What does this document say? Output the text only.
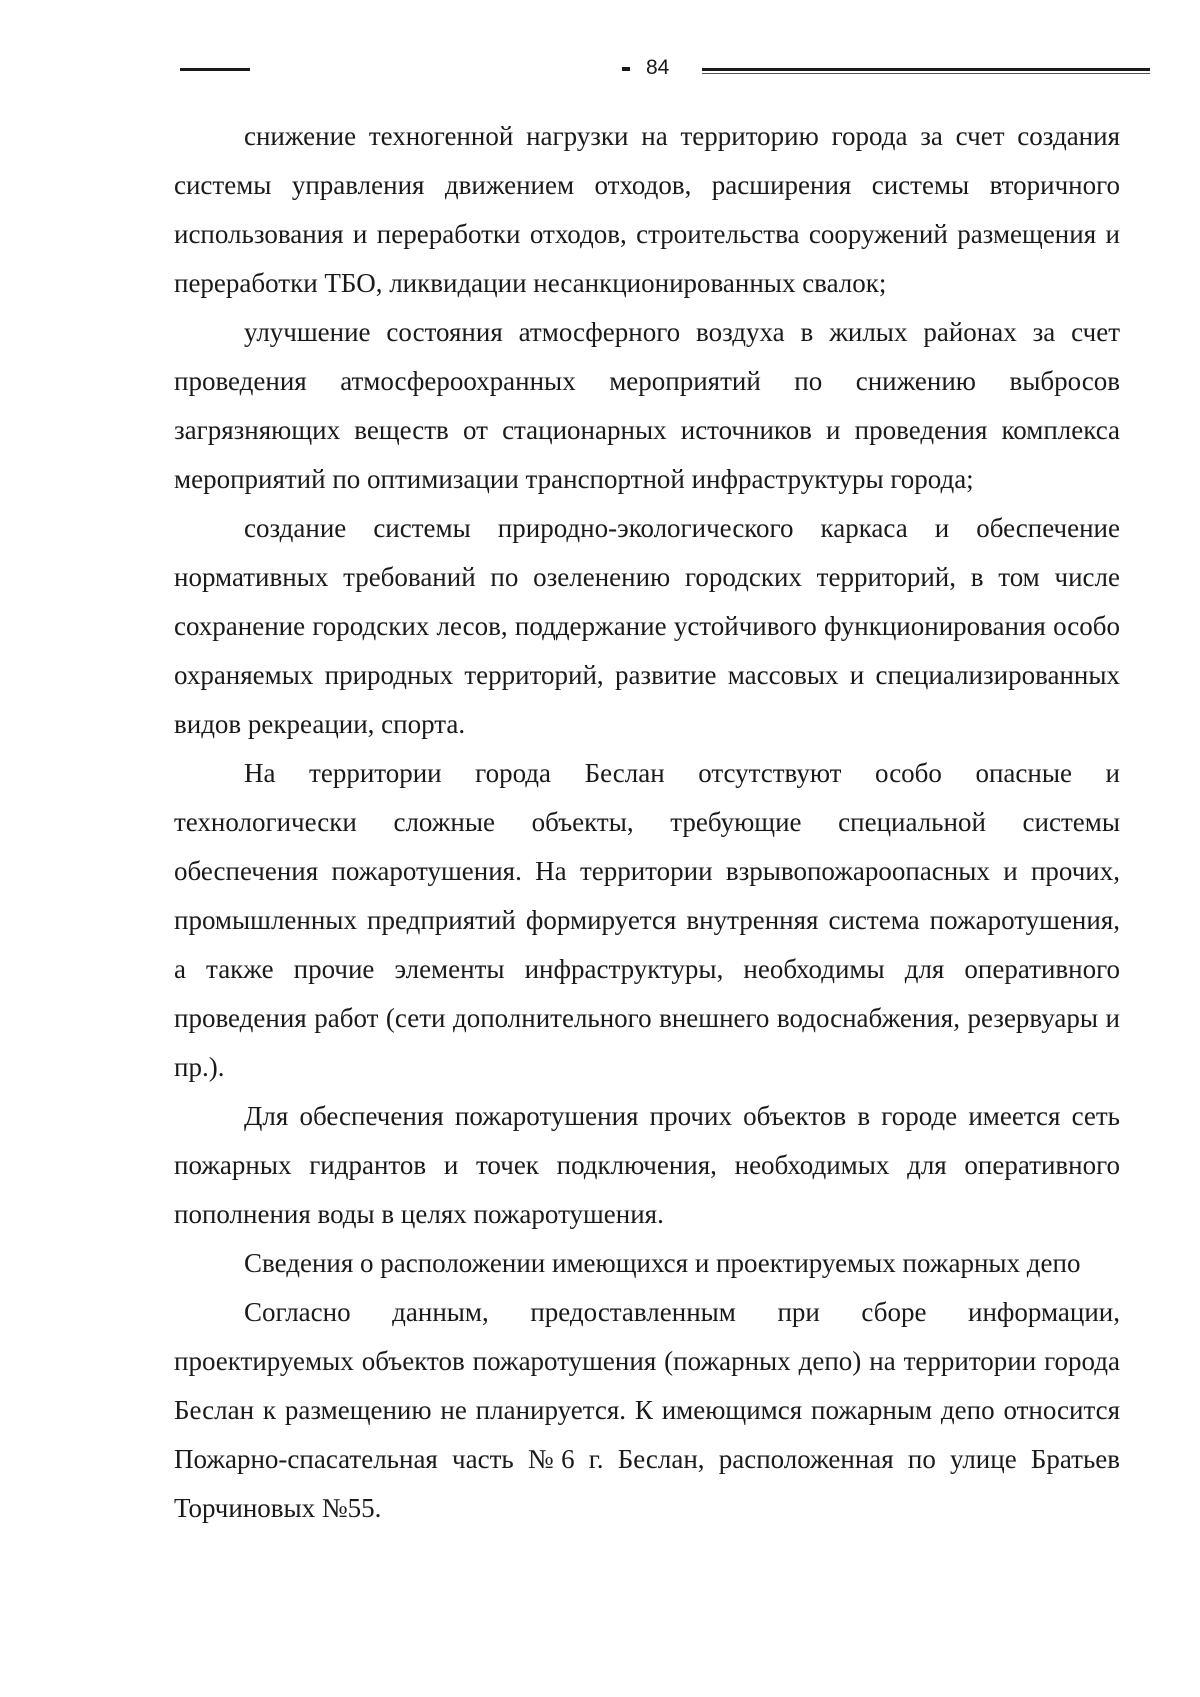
84

снижение техногенной нагрузки на территорию города за счет создания системы управления движением отходов, расширения системы вторичного использования и переработки отходов, строительства сооружений размещения и переработки ТБО, ликвидации несанкционированных свалок;

улучшение состояния атмосферного воздуха в жилых районах за счет проведения атмосфероохранных мероприятий по снижению выбросов загрязняющих веществ от стационарных источников и проведения комплекса мероприятий по оптимизации транспортной инфраструктуры города;

создание системы природно-экологического каркаса и обеспечение нормативных требований по озеленению городских территорий, в том числе сохранение городских лесов, поддержание устойчивого функционирования особо охраняемых природных территорий, развитие массовых и специализированных видов рекреации, спорта.

На территории города Беслан отсутствуют особо опасные и технологически сложные объекты, требующие специальной системы обеспечения пожаротушения. На территории взрывопожароопасных и прочих, промышленных предприятий формируется внутренняя система пожаротушения, а также прочие элементы инфраструктуры, необходимы для оперативного проведения работ (сети дополнительного внешнего водоснабжения, резервуары и пр.).

Для обеспечения пожаротушения прочих объектов в городе имеется сеть пожарных гидрантов и точек подключения, необходимых для оперативного пополнения воды в целях пожаротушения.

Сведения о расположении имеющихся и проектируемых пожарных депо

Согласно данным, предоставленным при сборе информации, проектируемых объектов пожаротушения (пожарных депо) на территории города Беслан к размещению не планируется. К имеющимся пожарным депо относится Пожарно-спасательная часть №6 г. Беслан, расположенная по улице Братьев Торчиновых №55.
